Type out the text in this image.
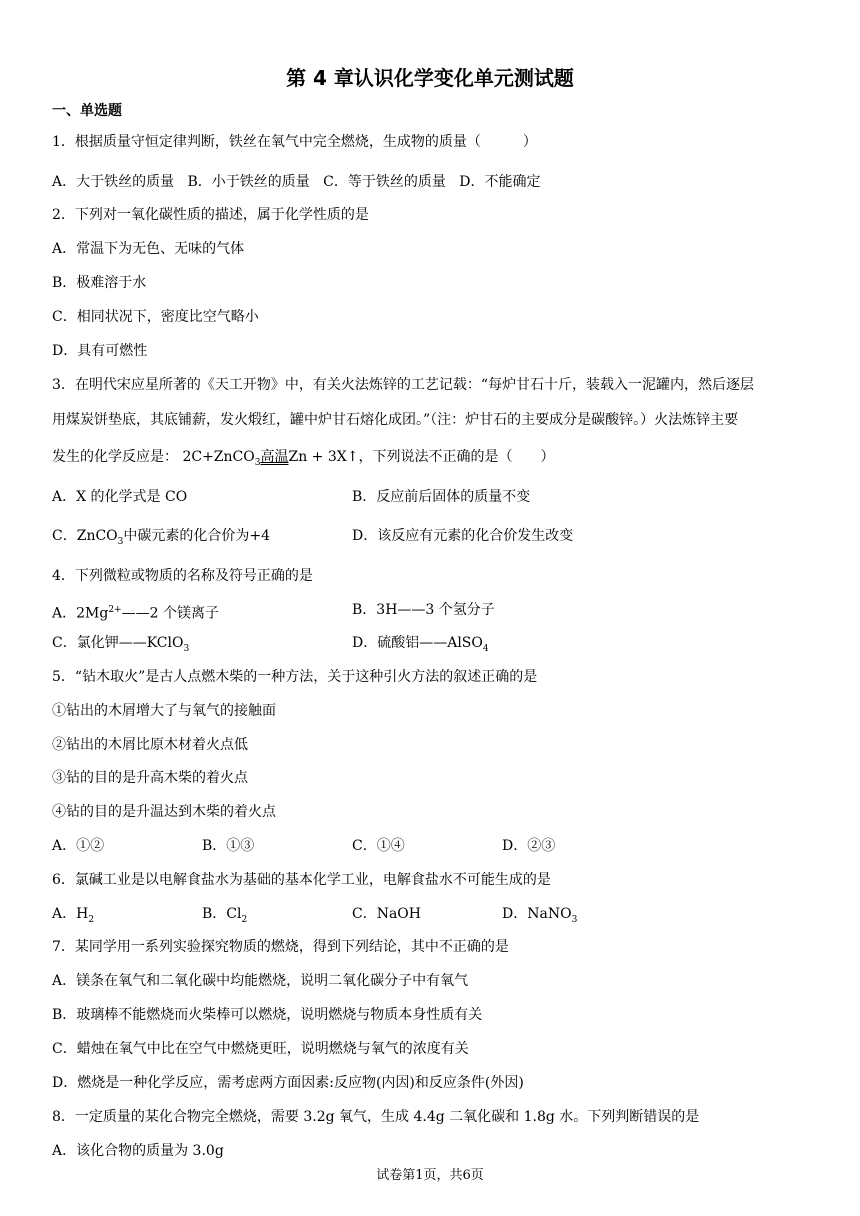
第 4 章认识化学变化单元测试题
一、单选题
1．根据质量守恒定律判断，铁丝在氧气中完全燃烧，生成物的质量（　　　）
A．大于铁丝的质量 B．小于铁丝的质量 C．等于铁丝的质量 D．不能确定
2．下列对一氧化碳性质的描述，属于化学性质的是
A．常温下为无色、无味的气体
B．极难溶于水
C．相同状况下，密度比空气略小
D．具有可燃性
3．在明代宋应星所著的《天工开物》中，有关火法炼锌的工艺记载：“每炉甘石十斤，装载入一泥罐内，然后逐层
用煤炭饼垫底，其底铺薪，发火煅红，罐中炉甘石熔化成团。”（注：炉甘石的主要成分是碳酸锌。）火法炼锌主要
发生的化学反应是： 2C+ZnCO$_3$高温Zn + 3X↑，下列说法不正确的是（　　）
A．X 的化学式是 CO	B．反应前后固体的质量不变
C．ZnCO$_3$中碳元素的化合价为+4	D．该反应有元素的化合价发生改变
4．下列微粒或物质的名称及符号正确的是
A．$2Mg^{2+}——2$ 个镁离子	B．3H——3 个氢分子
C．氯化钾——KClO$_3$	D．硫酸铝——AlSO$_4$
5．“钻木取火”是古人点燃木柴的一种方法，关于这种引火方法的叙述正确的是
①钻出的木屑增大了与氧气的接触面
②钻出的木屑比原木材着火点低
③钻的目的是升高木柴的着火点
④钻的目的是升温达到木柴的着火点
A．①②	B．①③	C．①④	D．②③
6．氯碱工业是以电解食盐水为基础的基本化学工业，电解食盐水不可能生成的是
A．$H_2$	B．$Cl_2$	C．NaOH	D．NaNO$_3$
7．某同学用一系列实验探究物质的燃烧，得到下列结论，其中不正确的是
A．镁条在氧气和二氧化碳中均能燃烧，说明二氧化碳分子中有氧气
B．玻璃棒不能燃烧而火柴棒可以燃烧，说明燃烧与物质本身性质有关
C．蜡烛在氧气中比在空气中燃烧更旺，说明燃烧与氧气的浓度有关
D．燃烧是一种化学反应，需考虑两方面因素:反应物(内因)和反应条件(外因)
8．一定质量的某化合物完全燃烧，需要 3.2g 氧气，生成 4.4g 二氧化碳和 1.8g 水。下列判断错误的是
A．该化合物的质量为 3.0g
试卷第1页，共6页
